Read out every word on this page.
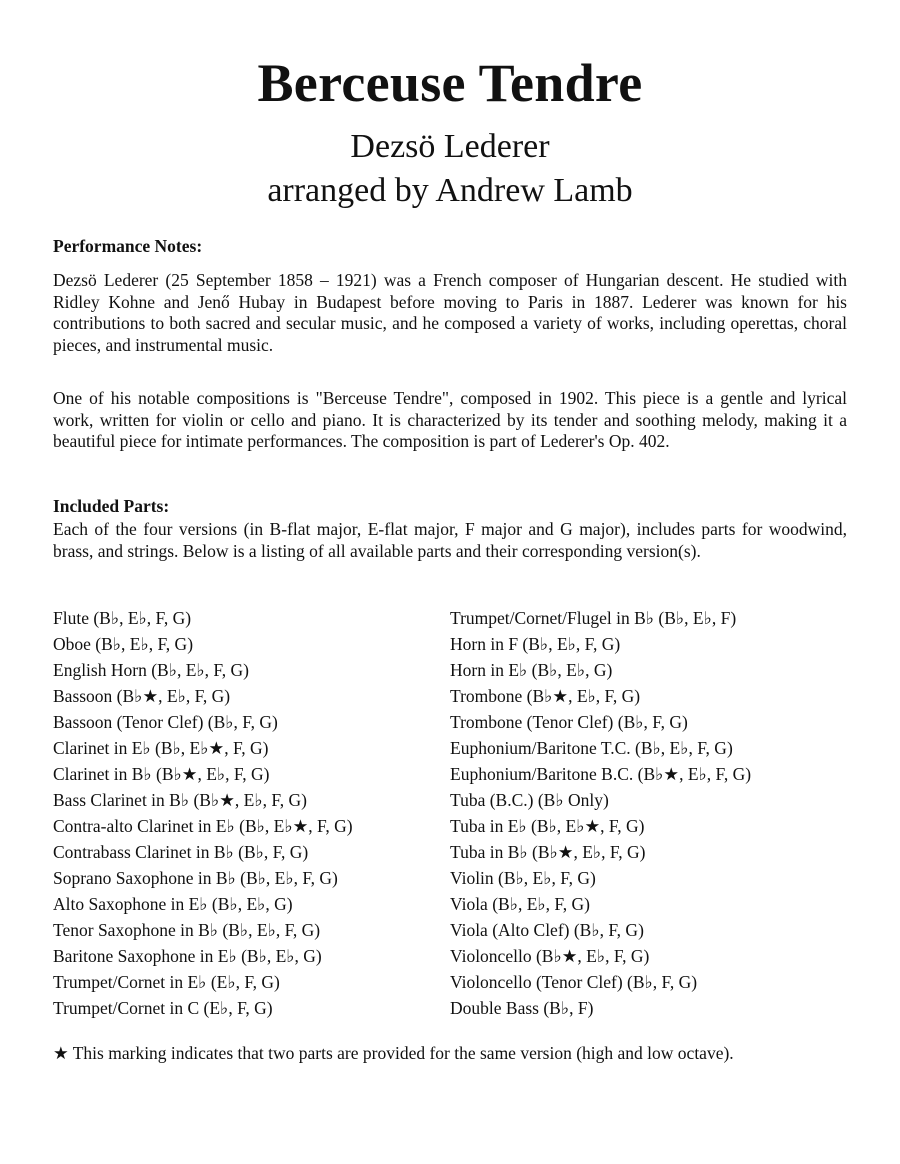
Berceuse Tendre
Dezsö Lederer
arranged by Andrew Lamb
Performance Notes:
Dezsö Lederer (25 September 1858 – 1921) was a French composer of Hungarian descent. He studied with Ridley Kohne and Jenő Hubay in Budapest before moving to Paris in 1887. Lederer was known for his contributions to both sacred and secular music, and he composed a variety of works, including operettas, choral pieces, and instrumental music.
One of his notable compositions is "Berceuse Tendre", composed in 1902. This piece is a gentle and lyrical work, written for violin or cello and piano. It is characterized by its tender and soothing melody, making it a beautiful piece for intimate performances. The composition is part of Lederer's Op. 402.
Included Parts:
Each of the four versions (in B-flat major, E-flat major, F major and G major), includes parts for woodwind, brass, and strings. Below is a listing of all available parts and their corresponding version(s).
Flute (B♭, E♭, F, G)
Oboe (B♭, E♭, F, G)
English Horn (B♭, E♭, F, G)
Bassoon (B♭★, E♭, F, G)
Bassoon (Tenor Clef) (B♭, F, G)
Clarinet in E♭ (B♭, E♭★, F, G)
Clarinet in B♭ (B♭★, E♭, F, G)
Bass Clarinet in B♭ (B♭★, E♭, F, G)
Contra-alto Clarinet in E♭ (B♭, E♭★, F, G)
Contrabass Clarinet in B♭ (B♭, F, G)
Soprano Saxophone in B♭ (B♭, E♭, F, G)
Alto Saxophone in E♭ (B♭, E♭, G)
Tenor Saxophone in B♭ (B♭, E♭, F, G)
Baritone Saxophone in E♭ (B♭, E♭, G)
Trumpet/Cornet in E♭ (E♭, F, G)
Trumpet/Cornet in C (E♭, F, G)
Trumpet/Cornet/Flugel in B♭ (B♭, E♭, F)
Horn in F (B♭, E♭, F, G)
Horn in E♭ (B♭, E♭, G)
Trombone (B♭★, E♭, F, G)
Trombone (Tenor Clef) (B♭, F, G)
Euphonium/Baritone T.C. (B♭, E♭, F, G)
Euphonium/Baritone B.C. (B♭★, E♭, F, G)
Tuba (B.C.) (B♭ Only)
Tuba in E♭ (B♭, E♭★, F, G)
Tuba in B♭ (B♭★, E♭, F, G)
Violin (B♭, E♭, F, G)
Viola (B♭, E♭, F, G)
Viola (Alto Clef) (B♭, F, G)
Violoncello (B♭★, E♭, F, G)
Violoncello (Tenor Clef) (B♭, F, G)
Double Bass (B♭, F)
★ This marking indicates that two parts are provided for the same version (high and low octave).
